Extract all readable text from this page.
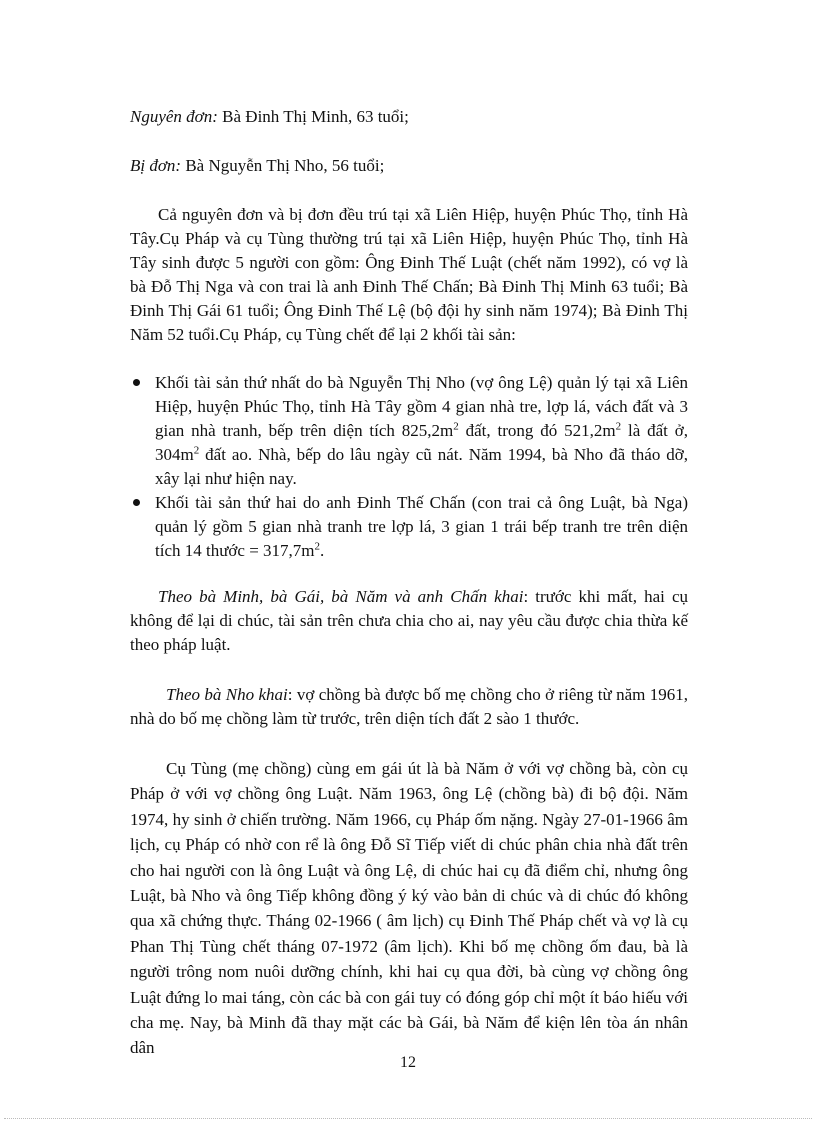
Nguyên đơn: Bà Đinh Thị Minh, 63 tuổi;

Bị đơn: Bà Nguyễn Thị Nho, 56 tuổi;

Cả nguyên đơn và bị đơn đều trú tại xã Liên Hiệp, huyện Phúc Thọ, tỉnh Hà Tây.Cụ Pháp và cụ Tùng thường trú tại xã Liên Hiệp, huyện Phúc Thọ, tỉnh Hà Tây sinh được 5 người con gồm: Ông Đinh Thế Luật (chết năm 1992), có vợ là bà Đỗ Thị Nga và con trai là anh Đinh Thế Chấn; Bà Đinh Thị Minh 63 tuổi; Bà Đinh Thị Gái 61 tuổi; Ông Đinh Thế Lệ (bộ đội hy sinh năm 1974); Bà Đinh Thị Năm 52 tuổi.Cụ Pháp, cụ Tùng chết để lại 2 khối tài sản:

Khối tài sản thứ nhất do bà Nguyễn Thị Nho (vợ ông Lệ) quản lý tại xã Liên Hiệp, huyện Phúc Thọ, tỉnh Hà Tây gồm 4 gian nhà tre, lợp lá, vách đất và 3 gian nhà tranh, bếp trên diện tích $825,2m^2$ đất, trong đó $521,2m^2$ là đất ở, $304m^2$ đất ao. Nhà, bếp do lâu ngày cũ nát. Năm 1994, bà Nho đã tháo dỡ, xây lại như hiện nay.
Khối tài sản thứ hai do anh Đinh Thế Chấn (con trai cả ông Luật, bà Nga) quản lý gồm 5 gian nhà tranh tre lợp lá, 3 gian 1 trái bếp tranh tre trên diện tích 14 thước = $317,7m^2$.

Theo bà Minh, bà Gái, bà Năm và anh Chấn khai: trước khi mất, hai cụ không để lại di chúc, tài sản trên chưa chia cho ai, nay yêu cầu được chia thừa kế theo pháp luật.

Theo bà Nho khai: vợ chồng bà được bố mẹ chồng cho ở riêng từ năm 1961, nhà do bố mẹ chồng làm từ trước, trên diện tích đất 2 sào 1 thước.

Cụ Tùng (mẹ chồng) cùng em gái út là bà Năm ở với vợ chồng bà, còn cụ Pháp ở với vợ chồng ông Luật. Năm 1963, ông Lệ (chồng bà) đi bộ đội. Năm 1974, hy sinh ở chiến trường. Năm 1966, cụ Pháp ốm nặng. Ngày 27-01-1966 âm lịch, cụ Pháp có nhờ con rể là ông Đỗ Sĩ Tiếp viết di chúc phân chia nhà đất trên cho hai người con là ông Luật và ông Lệ, di chúc hai cụ đã điểm chỉ, nhưng ông Luật, bà Nho và ông Tiếp không đồng ý ký vào bản di chúc và di chúc đó không qua xã chứng thực. Tháng 02-1966 ( âm lịch) cụ Đinh Thế Pháp chết và vợ là cụ Phan Thị Tùng chết tháng 07-1972 (âm lịch). Khi bố mẹ chồng ốm đau, bà là người trông nom nuôi dưỡng chính, khi hai cụ qua đời, bà cùng vợ chồng ông Luật đứng lo mai táng, còn các bà con gái tuy có đóng góp chỉ một ít báo hiếu với cha mẹ. Nay, bà Minh đã thay mặt các bà Gái, bà Năm để kiện lên tòa án nhân dân

12
